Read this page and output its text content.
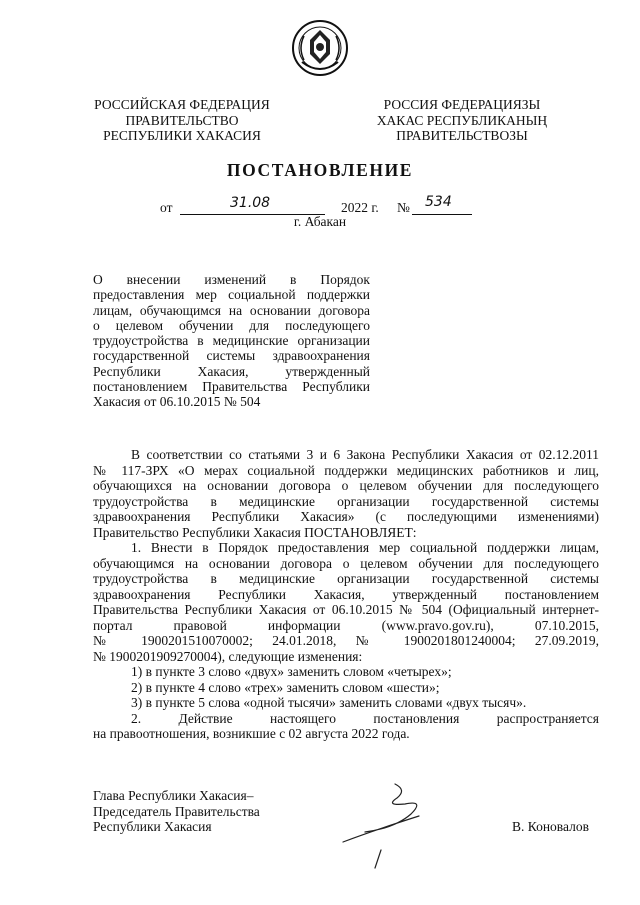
РОССИЙСКАЯ ФЕДЕРАЦИЯ
ПРАВИТЕЛЬСТВО
РЕСПУБЛИКИ ХАКАСИЯ
РОССИЯ ФЕДЕРАЦИЯЗЫ
ХАКАС РЕСПУБЛИКАНЫҢ
ПРАВИТЕЛЬСТВОЗЫ
ПОСТАНОВЛЕНИЕ
от	31.08	2022 г. № 534
г. Абакан
О внесении изменений в Порядок
предоставления мер социальной поддержки
лицам, обучающимся на основании договора
о целевом обучении для последующего
трудоустройства в медицинские организации
государственной системы здравоохранения
Республики Хакасия, утвержденный
постановлением Правительства Республики
Хакасия от 06.10.2015 № 504

В соответствии со статьями 3 и 6 Закона Республики Хакасия от 02.12.2011

№ 117-ЗРХ «О мерах социальной поддержки медицинских работников и лиц,

обучающихся на основании договора о целевом обучении для последующего

трудоустройства в медицинские организации государственной системы

здравоохранения Республики Хакасия» (с последующими изменениями)

Правительство Республики Хакасия ПОСТАНОВЛЯЕТ:

1. Внести в Порядок предоставления мер социальной поддержки лицам,

обучающимся на основании договора о целевом обучении для последующего

трудоустройства в медицинские организации государственной системы

здравоохранения Республики Хакасия, утвержденный постановлением

Правительства Республики Хакасия от 06.10.2015 № 504 (Официальный интернет-

портал правовой информации (www.pravo.gov.ru), 07.10.2015,

№ 1900201510070002; 24.01.2018, № 1900201801240004; 27.09.2019,

№ 1900201909270004), следующие изменения:

1) в пункте 3 слово «двух» заменить словом «четырех»;

2) в пункте 4 слово «трех» заменить словом «шести»;

3) в пункте 5 слова «одной тысячи» заменить словами «двух тысяч».

2. Действие настоящего постановления распространяется

на правоотношения, возникшие с 02 августа 2022 года.

Глава Республики Хакасия–
Председатель Правительства
Республики Хакасия	В. Коновалов
